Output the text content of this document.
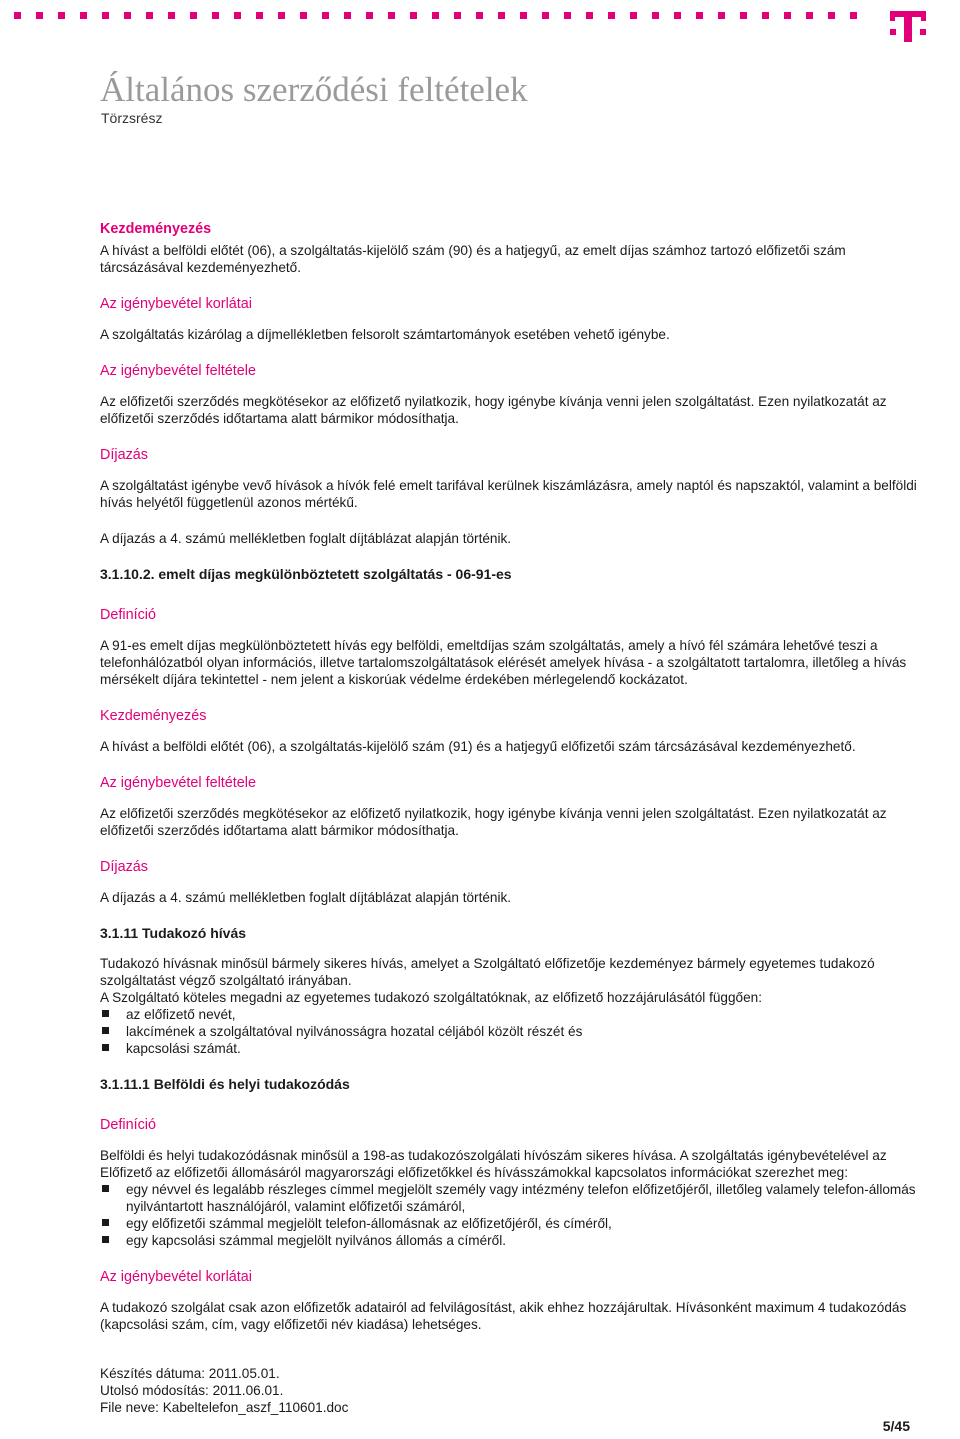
Általános szerződési feltételek
Törzsrész
Kezdeményezés

A hívást a belföldi előtét (06), a szolgáltatás-kijelölő szám (90) és a hatjegyű, az emelt díjas számhoz tartozó előfizetői szám tárcsázásával kezdeményezhető.

Az igénybevétel korlátai

A szolgáltatás kizárólag a díjmellékletben felsorolt számtartományok esetében vehető igénybe.

Az igénybevétel feltétele

Az előfizetői szerződés megkötésekor az előfizető nyilatkozik, hogy igénybe kívánja venni jelen szolgáltatást. Ezen nyilatkozatát az előfizetői szerződés időtartama alatt bármikor módosíthatja.

Díjazás

A szolgáltatást igénybe vevő hívások a hívók felé emelt tarifával kerülnek kiszámlázásra, amely naptól és napszaktól, valamint a belföldi hívás helyétől függetlenül azonos mértékű.

A díjazás a 4. számú mellékletben foglalt díjtáblázat alapján történik.

3.1.10.2. emelt díjas megkülönböztetett szolgáltatás - 06-91-es

Definíció

A 91-es emelt díjas megkülönböztetett hívás egy belföldi, emeltdíjas szám szolgáltatás, amely a hívó fél számára lehetővé teszi a telefonhálózatból olyan információs, illetve tartalomszolgáltatások elérését amelyek hívása - a szolgáltatott tartalomra, illetőleg a hívás mérsékelt díjára tekintettel - nem jelent a kiskorúak védelme érdekében mérlegelendő kockázatot.

Kezdeményezés

A hívást a belföldi előtét (06), a szolgáltatás-kijelölő szám (91) és a hatjegyű előfizetői szám tárcsázásával kezdeményezhető.

Az igénybevétel feltétele

Az előfizetői szerződés megkötésekor az előfizető nyilatkozik, hogy igénybe kívánja venni jelen szolgáltatást. Ezen nyilatkozatát az előfizetői szerződés időtartama alatt bármikor módosíthatja.

Díjazás

A díjazás a 4. számú mellékletben foglalt díjtáblázat alapján történik.

3.1.11 Tudakozó hívás

Tudakozó hívásnak minősül bármely sikeres hívás, amelyet a Szolgáltató előfizetője kezdeményez bármely egyetemes tudakozó szolgáltatást végző szolgáltató irányában.

A Szolgáltató köteles megadni az egyetemes tudakozó szolgáltatóknak, az előfizető hozzájárulásától függően:

az előfizető nevét,
lakcímének a szolgáltatóval nyilvánosságra hozatal céljából közölt részét és
kapcsolási számát.

3.1.11.1 Belföldi és helyi tudakozódás

Definíció

Belföldi és helyi tudakozódásnak minősül a 198-as tudakozószolgálati hívószám sikeres hívása. A szolgáltatás igénybevételével az Előfizető az előfizetői állomásáról magyarországi előfizetőkkel és hívásszámokkal kapcsolatos információkat szerezhet meg:

egy névvel és legalább részleges címmel megjelölt személy vagy intézmény telefon előfizetőjéről, illetőleg valamely telefon-állomás nyilvántartott használójáról, valamint előfizetői számáról,
egy előfizetői számmal megjelölt telefon-állomásnak az előfizetőjéről, és címéről,
egy kapcsolási számmal megjelölt nyilvános állomás a címéről.
Az igénybevétel korlátai

A tudakozó szolgálat csak azon előfizetők adatairól ad felvilágosítást, akik ehhez hozzájárultak. Hívásonként maximum 4 tudakozódás (kapcsolási szám, cím, vagy előfizetői név kiadása) lehetséges.

Készítés dátuma: 2011.05.01.
Utolsó módosítás: 2011.06.01.
File neve: Kabeltelefon_aszf_110601.doc
5/45
